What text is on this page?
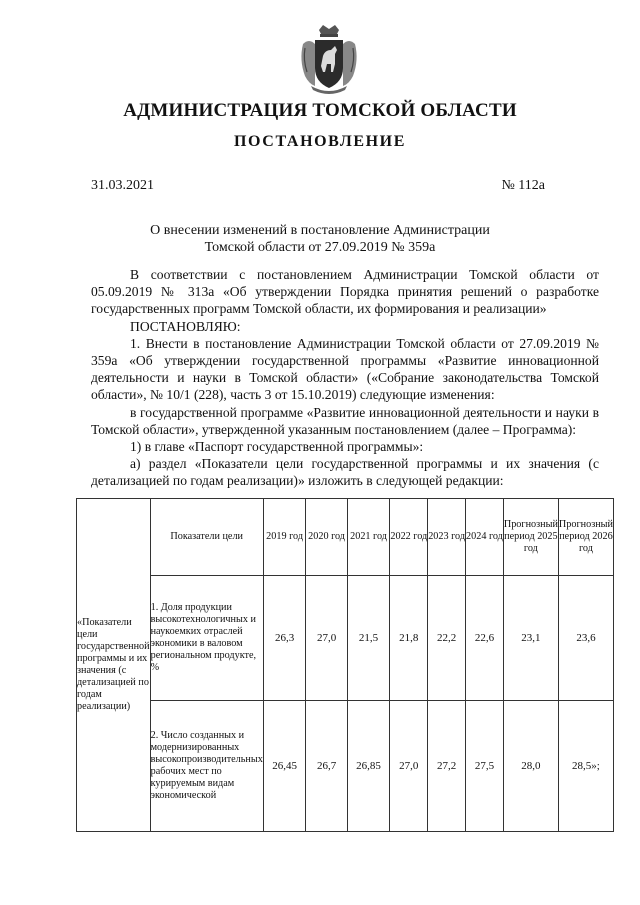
АДМИНИСТРАЦИЯ ТОМСКОЙ ОБЛАСТИ
ПОСТАНОВЛЕНИЕ
31.03.2021	№ 112а
О внесении изменений в постановление Администрации
Томской области от 27.09.2019 № 359а

В соответствии с постановлением Администрации Томской области от 05.09.2019 № 313а «Об утверждении Порядка принятия решений о разработке государственных программ Томской области, их формирования и реализации»

ПОСТАНОВЛЯЮ:

1. Внести в постановление Администрации Томской области от 27.09.2019 № 359а «Об утверждении государственной программы «Развитие инновационной деятельности и науки в Томской области» («Собрание законодательства Томской области», № 10/1 (228), часть 3 от 15.10.2019) следующие изменения:

в государственной программе «Развитие инновационной деятельности и науки в Томской области», утвержденной указанным постановлением (далее – Программа):

1) в главе «Паспорт государственной программы»:

а) раздел «Показатели цели государственной программы и их значения (с детализацией по годам реализации)» изложить в следующей редакции:

«Показатели цели государственной программы и их значения (с детализацией по годам реализации)	Показатели цели	2019 год	2020 год	2021 год	2022 год	2023 год	2024 год	Прогнозный период 2025 год	Прогнозный период 2026 год
	1. Доля продукции высокотехнологичных и наукоемких отраслей экономики в валовом региональном продукте, %	26,3	27,0	21,5	21,8	22,2	22,6	23,1	23,6
	2. Число созданных и модернизированных высокопроизводительных рабочих мест по курируемым видам экономической	26,45	26,7	26,85	27,0	27,2	27,5	28,0	28,5»;
